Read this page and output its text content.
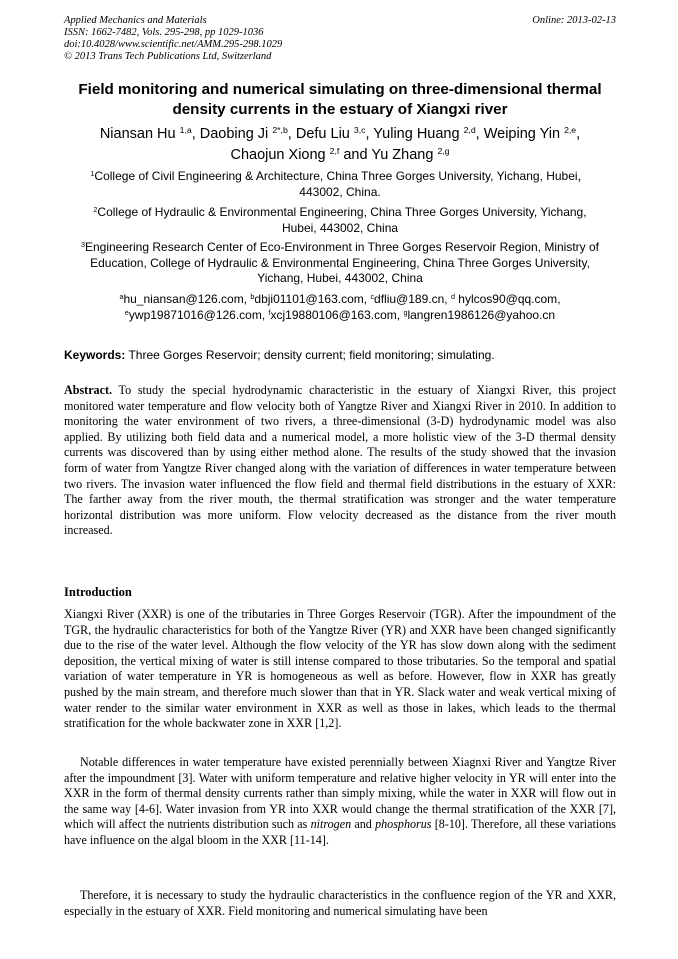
Applied Mechanics and Materials
ISSN: 1662-7482, Vols. 295-298, pp 1029-1036
doi:10.4028/www.scientific.net/AMM.295-298.1029
© 2013 Trans Tech Publications Ltd, Switzerland
Online: 2013-02-13
Field monitoring and numerical simulating on three-dimensional thermal
density currents in the estuary of Xiangxi river
Niansan Hu $^{1,a}$, Daobing Ji $^{2*,b}$, Defu Liu $^{3,c}$, Yuling Huang $^{2,d}$, Weiping Yin $^{2,e}$,
Chaojun Xiong $^{2,f}$ and Yu Zhang $^{2,g}$
$^1$College of Civil Engineering & Architecture, China Three Gorges University, Yichang, Hubei，
443002, China.
$^2$College of Hydraulic & Environmental Engineering, China Three Gorges University, Yichang,
Hubei, 443002, China
$^3$Engineering Research Center of Eco-Environment in Three Gorges Reservoir Region, Ministry of
Education, College of Hydraulic & Environmental Engineering, China Three Gorges University,
Yichang, Hubei, 443002, China
$^a$hu_niansan@126.com, $^b$dbji01101@163.com, $^c$dfliu@189.cn, $^d$ hylcos90@qq.com,
$^e$ywp19871016@126.com, $^f$xcj19880106@163.com, $^g$langren1986126@yahoo.cn
Keywords: Three Gorges Reservoir; density current; field monitoring; simulating.
Abstract. To study the special hydrodynamic characteristic in the estuary of Xiangxi River, this project monitored water temperature and flow velocity both of Yangtze River and Xiangxi River in 2010. In addition to monitoring the water environment of two rivers, a three-dimensional (3-D) hydrodynamic model was also applied. By utilizing both field data and a numerical model, a more holistic view of the 3-D thermal density currents was discovered than by using either method alone. The results of the study showed that the invasion form of water from Yangtze River changed along with the variation of differences in water temperature between two rivers. The invasion water influenced the flow field and thermal field distributions in the estuary of XXR: The farther away from the river mouth, the thermal stratification was stronger and the water temperature horizontal distribution was more uniform. Flow velocity decreased as the distance from the river mouth increased.
Introduction
Xiangxi River (XXR) is one of the tributaries in Three Gorges Reservoir (TGR). After the impoundment of the TGR, the hydraulic characteristics for both of the Yangtze River (YR) and XXR have been changed significantly due to the rise of the water level. Although the flow velocity of the YR has slow down along with the sediment deposition, the vertical mixing of water is still intense compared to those tributaries. So the temporal and spatial variation of water temperature in YR is homogeneous as well as before. However, flow in XXR has greatly pushed by the main stream, and therefore much slower than that in YR. Slack water and weak vertical mixing of water render to the similar water environment in XXR as well as those in lakes, which leads to the thermal stratification for the whole backwater zone in XXR [1,2].
Notable differences in water temperature have existed perennially between Xiagnxi River and Yangtze River after the impoundment [3]. Water with uniform temperature and relative higher velocity in YR will enter into the XXR in the form of thermal density currents rather than simply mixing, while the water in XXR will flow out in the same way [4-6]. Water invasion from YR into XXR would change the thermal stratification of the XXR [7], which will affect the nutrients distribution such as nitrogen and phosphorus [8-10]. Therefore, all these variations have influence on the algal bloom in the XXR [11-14].
Therefore, it is necessary to study the hydraulic characteristics in the confluence region of the YR and XXR, especially in the estuary of XXR. Field monitoring and numerical simulating have been
